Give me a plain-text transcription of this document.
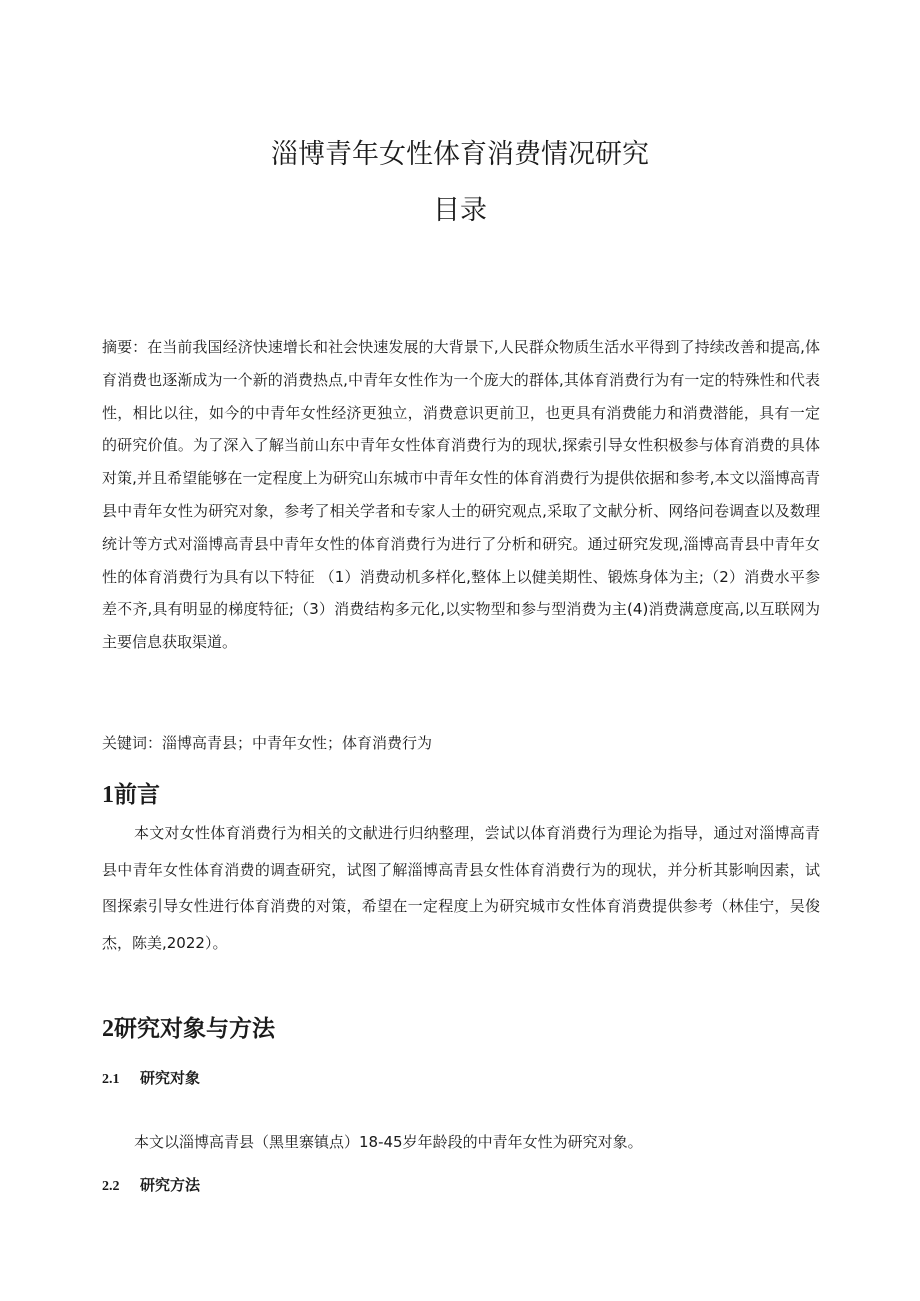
淄博青年女性体育消费情况研究
目录

摘要：在当前我国经济快速增长和社会快速发展的大背景下,人民群众物质生活水平得到了持续改善和提高,体育消费也逐渐成为一个新的消费热点,中青年女性作为一个庞大的群体,其体育消费行为有一定的特殊性和代表性，相比以往，如今的中青年女性经济更独立，消费意识更前卫，也更具有消费能力和消费潜能，具有一定的研究价值。为了深入了解当前山东中青年女性体育消费行为的现状,探索引导女性积极参与体育消费的具体对策,并且希望能够在一定程度上为研究山东城市中青年女性的体育消费行为提供依据和参考,本文以淄博高青县中青年女性为研究对象，参考了相关学者和专家人士的研究观点,采取了文献分析、网络问卷调查以及数理统计等方式对淄博高青县中青年女性的体育消费行为进行了分析和研究。通过研究发现,淄博高青县中青年女性的体育消费行为具有以下特征 （1）消费动机多样化,整体上以健美期性、锻炼身体为主;（2）消费水平参差不齐,具有明显的梯度特征;（3）消费结构多元化,以实物型和参与型消费为主(4)消费满意度高,以互联网为主要信息获取渠道。

关键词：淄博高青县；中青年女性；体育消费行为

1前言

本文对女性体育消费行为相关的文献进行归纳整理，尝试以体育消费行为理论为指导，通过对淄博高青县中青年女性体育消费的调查研究，试图了解淄博高青县女性体育消费行为的现状，并分析其影响因素，试图探索引导女性进行体育消费的对策，希望在一定程度上为研究城市女性体育消费提供参考（林佳宁，吴俊杰，陈美,2022）。

2研究对象与方法
2.1 研究对象

本文以淄博高青县（黑里寨镇点）18-45岁年龄段的中青年女性为研究对象。

2.2 研究方法
